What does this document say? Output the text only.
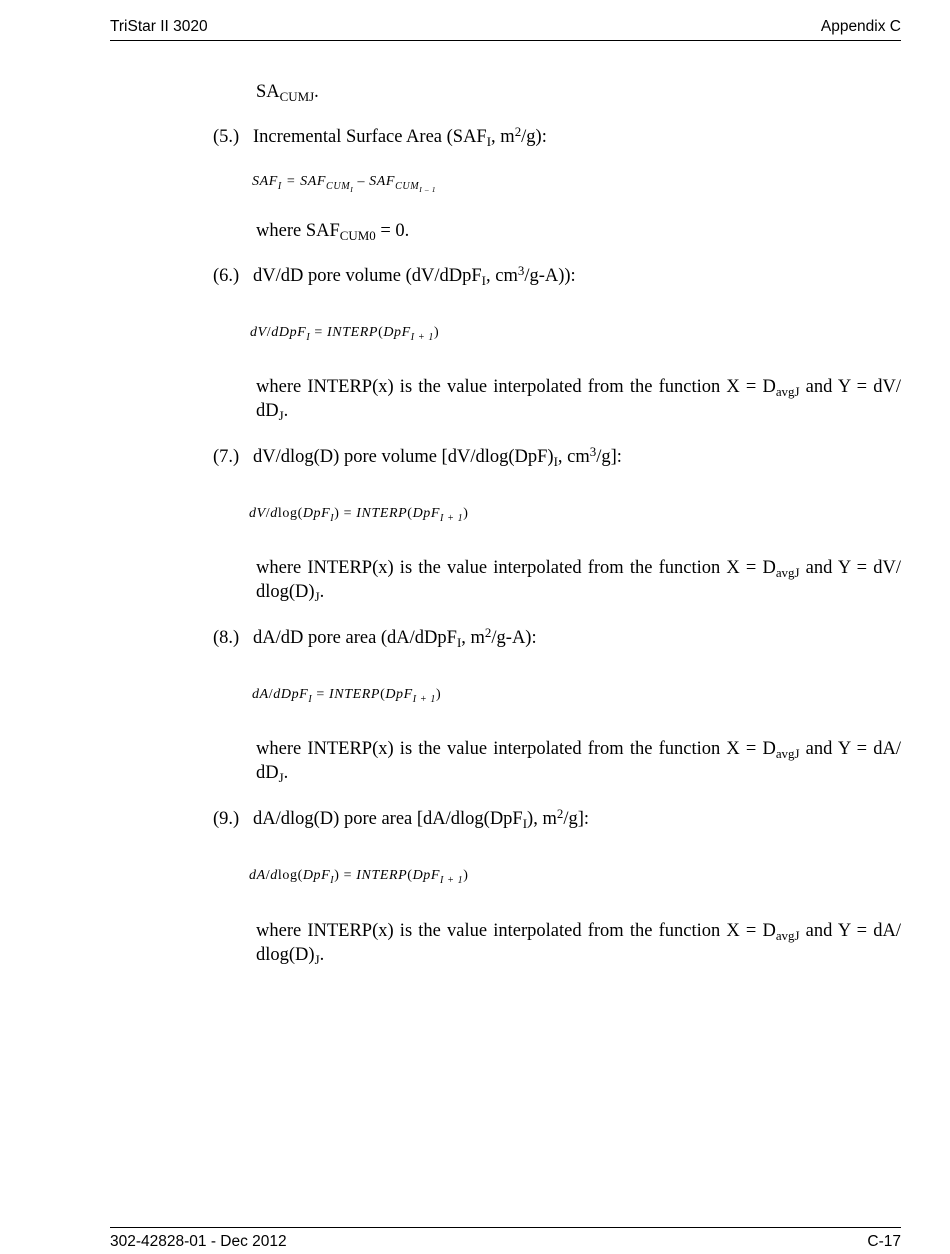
TriStar II 3020	Appendix C
$SA_{CUMJ}$.
(5.) Incremental Surface Area ($SAF_I$, $m^2/g$):
$SAF_I = SAF_{CUM_I} - SAF_{CUM_{I - 1}}$
where $SAF_{CUM0} = 0$.
(6.) dV/dD pore volume (dV/dDpF$_I$, $cm^3/g-A$)):
dV/dDpF$_I$ = INTERP(DpF$_{I + 1}$)
where INTERP(x) is the value interpolated from the function $X = D_{avgJ}$ and Y = dV/ $dD_J$.
(7.) dV/dlog(D) pore volume [$dV/dlog(DpF)_I$, $cm^3/g$]:
dV/dlog(DpF$_I$) = INTERP(DpF$_{I + 1}$)
where INTERP(x) is the value interpolated from the function $X = D_{avgJ}$ and Y = dV/ $dlog(D)_J$.
(8.) dA/dD pore area (dA/dDpF$_I$, $m^2/g-A$):
dA/dDpF$_I$ = INTERP(DpF$_{I + 1}$)
where INTERP(x) is the value interpolated from the function $X = D_{avgJ}$ and Y = dA/ $dD_J$.
(9.) dA/dlog(D) pore area [dA/dlog(DpF$_I$), $m^2/g$]:
dA/dlog(DpF$_I$) = INTERP(DpF$_{I + 1}$)
where INTERP(x) is the value interpolated from the function $X = D_{avgJ}$ and Y = dA/ $dlog(D)_J$.
302-42828-01 - Dec 2012	C-17
